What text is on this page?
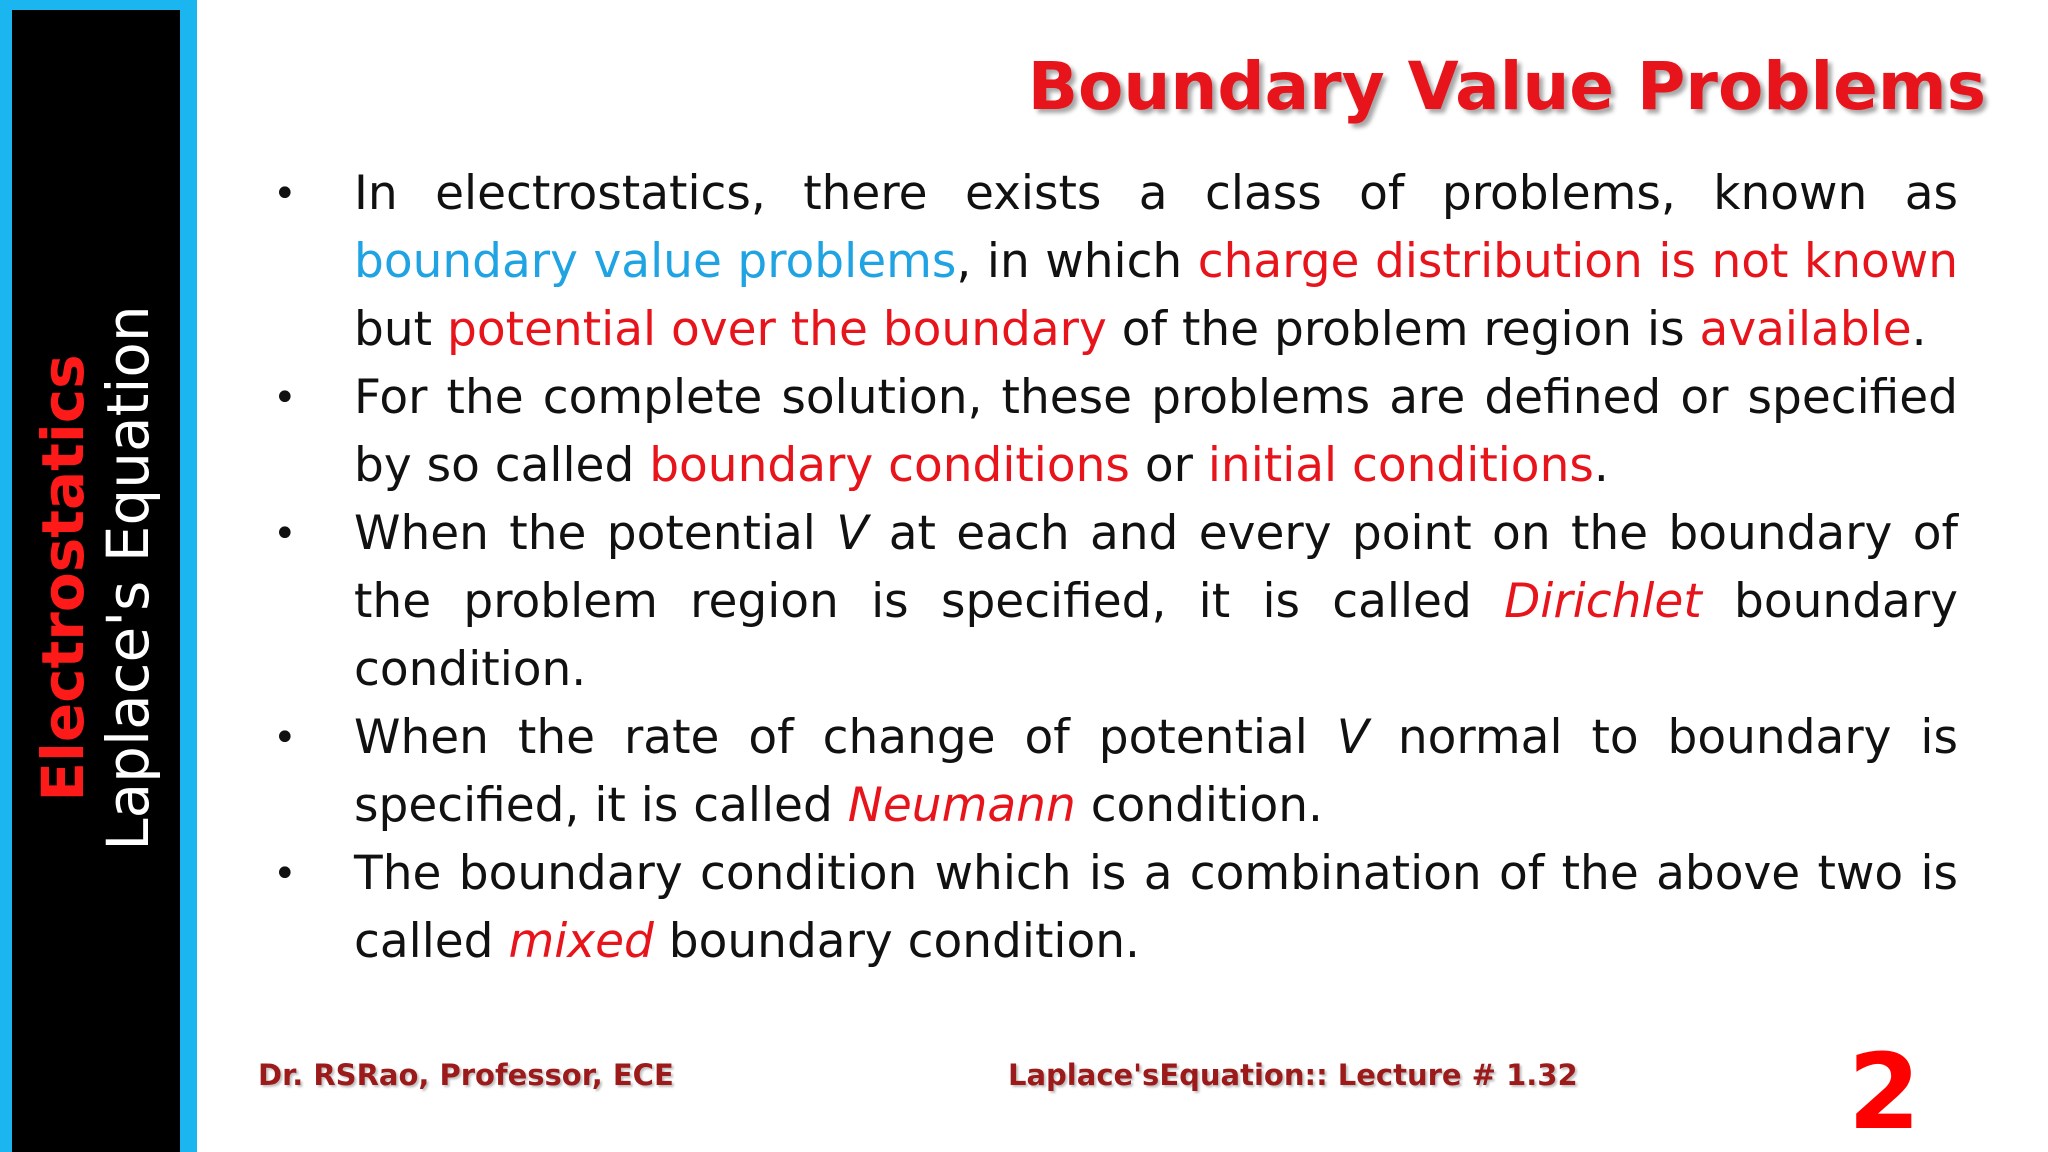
Electrostatics
Laplace's Equation
Boundary Value Problems
• In electrostatics, there exists a class of problems, known as boundary value problems, in which charge distribution is not known but potential over the boundary of the problem region is available.
• For the complete solution, these problems are defined or specified by so called boundary conditions or initial conditions.
• When the potential V at each and every point on the boundary of the problem region is specified, it is called Dirichlet boundary condition.
• When the rate of change of potential V normal to boundary is specified, it is called Neumann condition.
• The boundary condition which is a combination of the above two is called mixed boundary condition.
Dr. RSRao, Professor, ECE	Laplace'sEquation:: Lecture # 1.32	2
